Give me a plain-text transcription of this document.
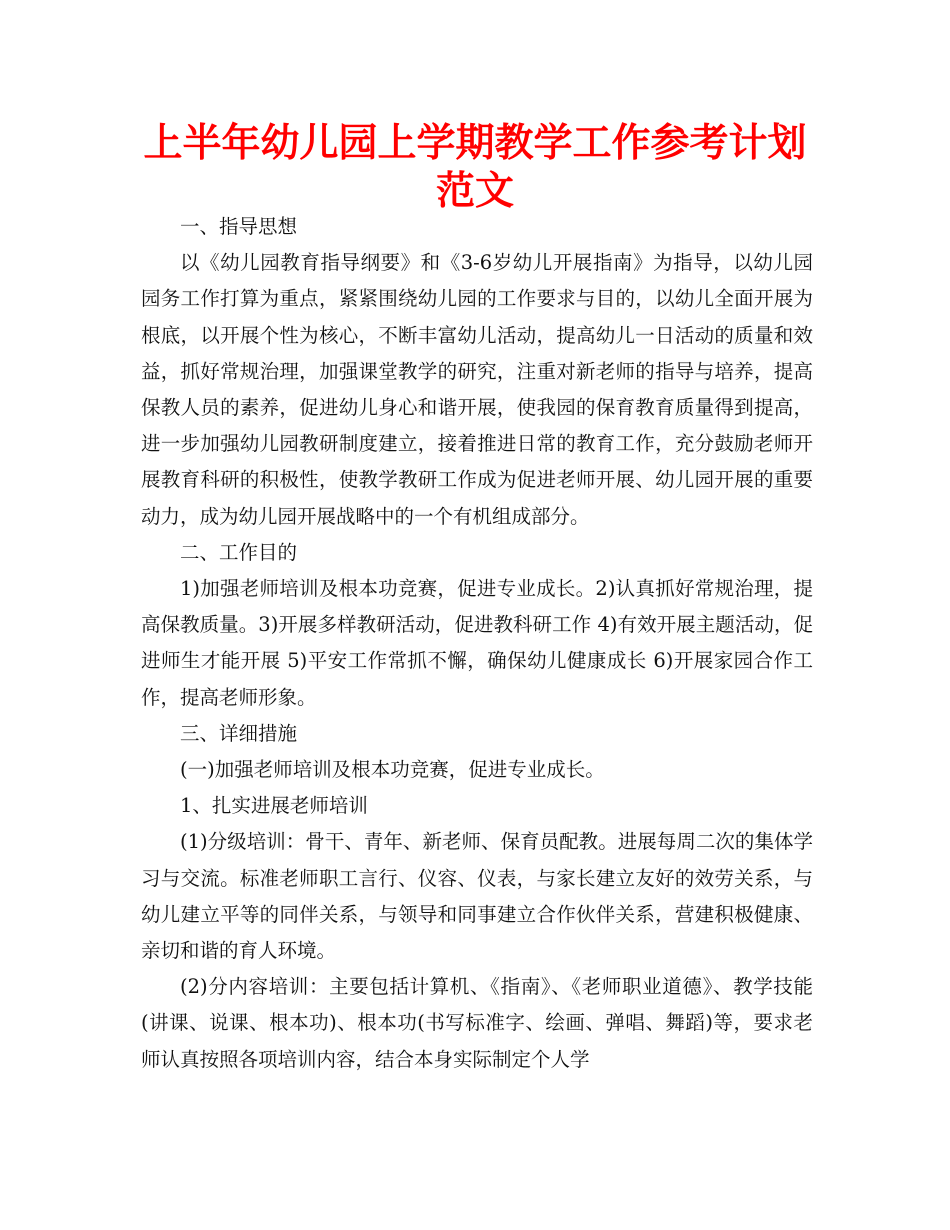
上半年幼儿园上学期教学工作参考计划范文

一、指导思想

以《幼儿园教育指导纲要》和《3-6岁幼儿开展指南》为指导，以幼儿园园务工作打算为重点，紧紧围绕幼儿园的工作要求与目的，以幼儿全面开展为根底，以开展个性为核心，不断丰富幼儿活动，提高幼儿一日活动的质量和效益，抓好常规治理，加强课堂教学的研究，注重对新老师的指导与培养，提高保教人员的素养，促进幼儿身心和谐开展，使我园的保育教育质量得到提高，进一步加强幼儿园教研制度建立，接着推进日常的教育工作，充分鼓励老师开展教育科研的积极性，使教学教研工作成为促进老师开展、幼儿园开展的重要动力，成为幼儿园开展战略中的一个有机组成部分。

二、工作目的

1)加强老师培训及根本功竞赛，促进专业成长。2)认真抓好常规治理，提高保教质量。3)开展多样教研活动，促进教科研工作 4)有效开展主题活动，促进师生才能开展 5)平安工作常抓不懈，确保幼儿健康成长 6)开展家园合作工作，提高老师形象。

三、详细措施

(一)加强老师培训及根本功竞赛，促进专业成长。

1、扎实进展老师培训

(1)分级培训：骨干、青年、新老师、保育员配教。进展每周二次的集体学习与交流。标准老师职工言行、仪容、仪表，与家长建立友好的效劳关系，与幼儿建立平等的同伴关系，与领导和同事建立合作伙伴关系，营建积极健康、亲切和谐的育人环境。

(2)分内容培训：主要包括计算机、《指南》、《老师职业道德》、教学技能(讲课、说课、根本功)、根本功(书写标准字、绘画、弹唱、舞蹈)等，要求老师认真按照各项培训内容，结合本身实际制定个人学
